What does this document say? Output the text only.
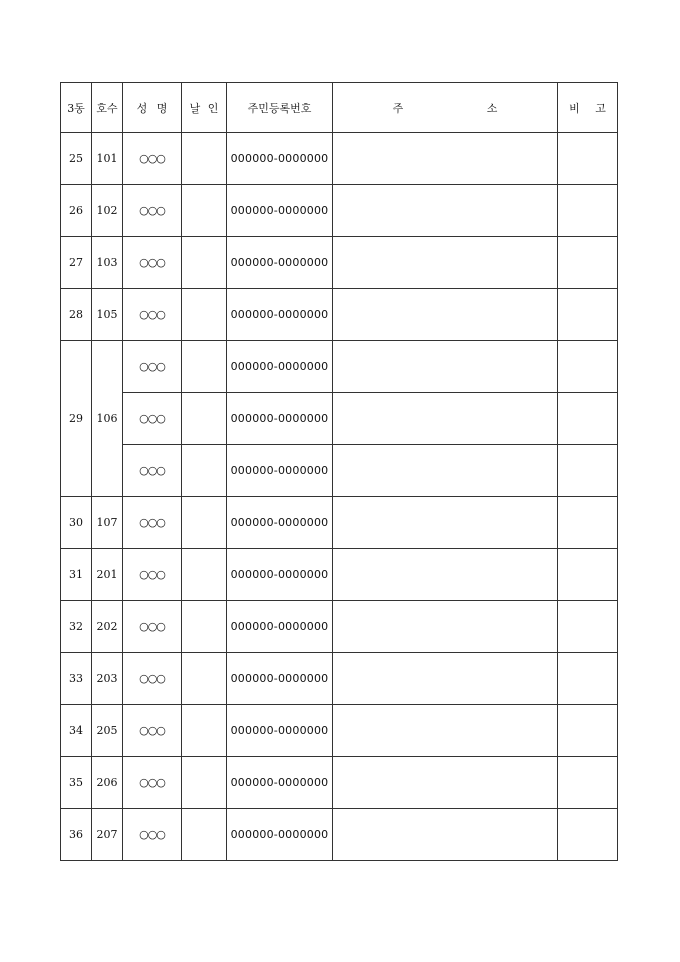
3동	호수	성 명	날 인	주민등록번호	주 소	비 고
25	101	○○○		000000-0000000		
26	102	○○○		000000-0000000		
27	103	○○○		000000-0000000		
28	105	○○○		000000-0000000		
29	106	○○○		000000-0000000		
		○○○		000000-0000000		
		○○○		000000-0000000		
30	107	○○○		000000-0000000		
31	201	○○○		000000-0000000		
32	202	○○○		000000-0000000		
33	203	○○○		000000-0000000		
34	205	○○○		000000-0000000		
35	206	○○○		000000-0000000		
36	207	○○○		000000-0000000		
